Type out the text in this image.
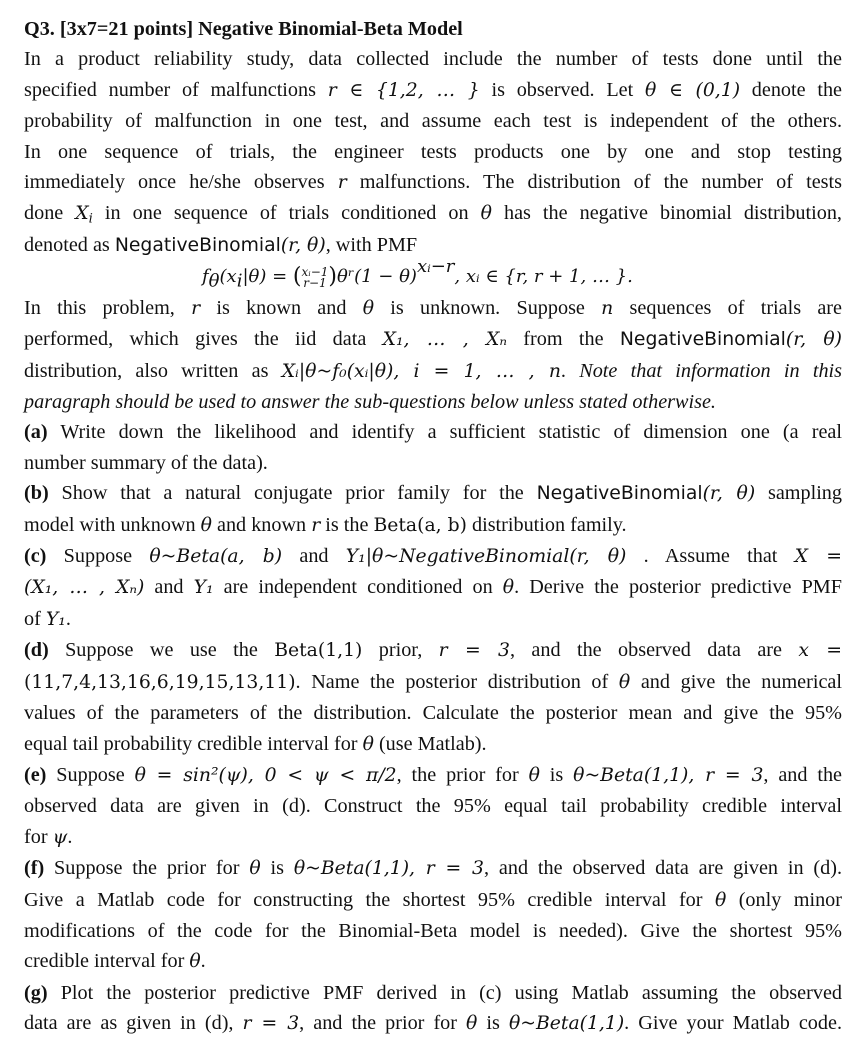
Q3. [3x7=21 points] Negative Binomial-Beta Model

In a product reliability study, data collected include the number of tests done until the

specified number of malfunctions r ∈ {1,2, … } is observed. Let θ ∈ (0,1) denote the

probability of malfunction in one test, and assume each test is independent of the others.

In one sequence of trials, the engineer tests products one by one and stop testing

immediately once he/she observes r malfunctions. The distribution of the number of tests

done $X_i$ in one sequence of trials conditioned on θ has the negative binomial distribution,

denoted as NegativeBinomial(r, θ), with PMF

$f_\theta(x_i|\theta)$ = (xᵢ−1
r−1)θʳ(1 − θ)$^{xᵢ-r}$, xᵢ ∈ {r, r + 1, … }.

In this problem, r is known and θ is unknown. Suppose n sequences of trials are

performed, which gives the iid data X₁, … , Xₙ from the NegativeBinomial(r, θ)

distribution, also written as Xᵢ|θ~f₀(xᵢ|θ), i = 1, … , n. Note that information in this

paragraph should be used to answer the sub-questions below unless stated otherwise.

(a) Write down the likelihood and identify a sufficient statistic of dimension one (a real

number summary of the data).

(b) Show that a natural conjugate prior family for the NegativeBinomial(r, θ) sampling

model with unknown θ and known r is the Beta(a, b) distribution family.

(c) Suppose θ~Beta(a, b) and Y₁|θ~NegativeBinomial(r, θ) . Assume that X =

(X₁, … , Xₙ) and Y₁ are independent conditioned on θ. Derive the posterior predictive PMF

of Y₁.

(d) Suppose we use the Beta(1,1) prior, r = 3, and the observed data are x =

(11,7,4,13,16,6,19,15,13,11). Name the posterior distribution of θ and give the numerical

values of the parameters of the distribution. Calculate the posterior mean and give the 95%

equal tail probability credible interval for θ (use Matlab).

(e) Suppose θ = sin²(ψ), 0 < ψ < π/2, the prior for θ is θ~Beta(1,1), r = 3, and the

observed data are given in (d). Construct the 95% equal tail probability credible interval

for ψ.

(f) Suppose the prior for θ is θ~Beta(1,1), r = 3, and the observed data are given in (d).

Give a Matlab code for constructing the shortest 95% credible interval for θ (only minor

modifications of the code for the Binomial-Beta model is needed). Give the shortest 95%

credible interval for θ.

(g) Plot the posterior predictive PMF derived in (c) using Matlab assuming the observed

data are as given in (d), r = 3, and the prior for θ is θ~Beta(1,1). Give your Matlab code.
